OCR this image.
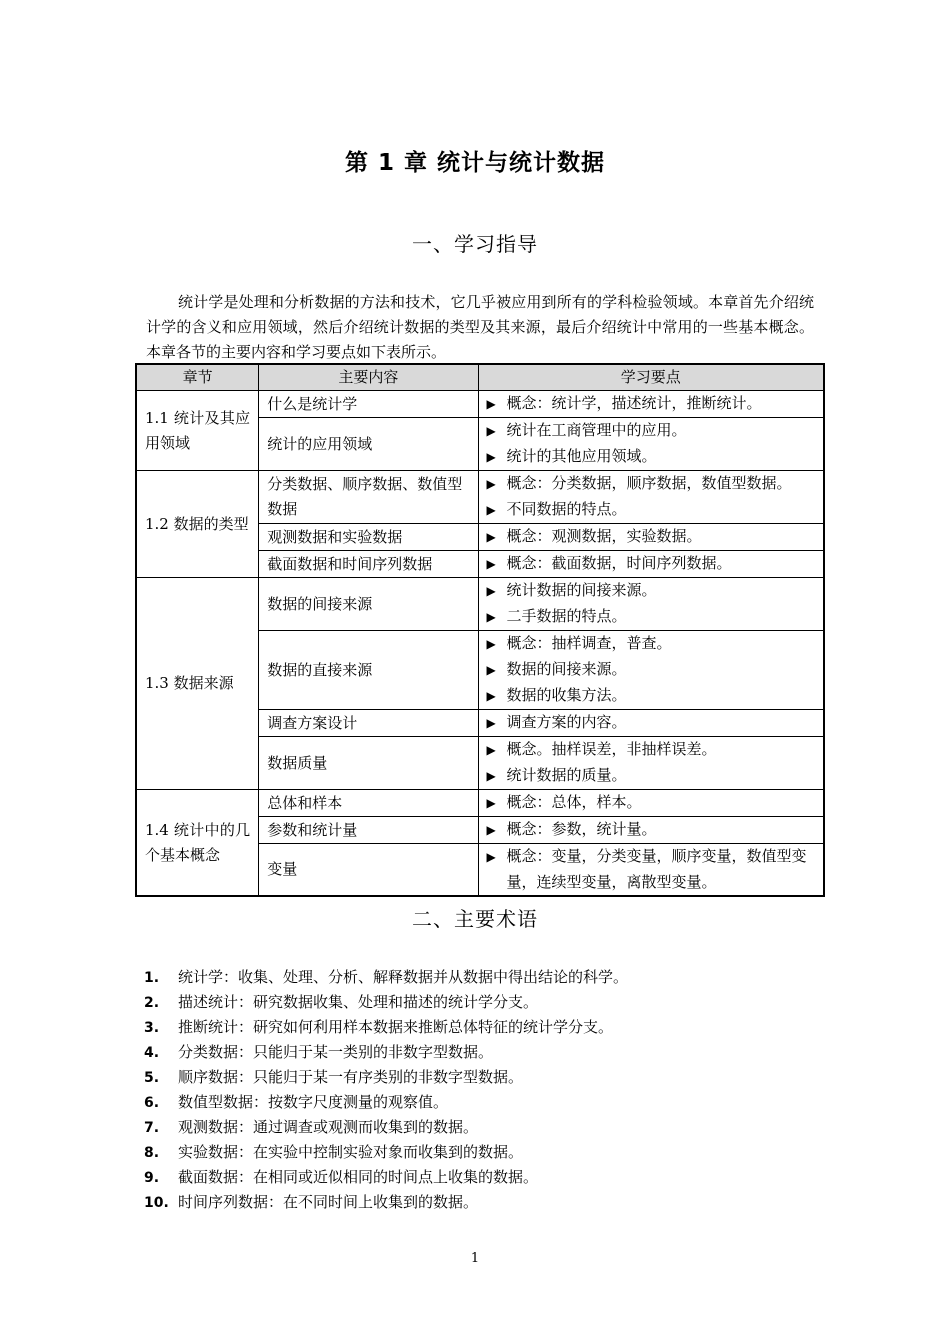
第 1 章 统计与统计数据
一、学习指导

统计学是处理和分析数据的方法和技术，它几乎被应用到所有的学科检验领域。本章首先介绍统计学的含义和应用领域，然后介绍统计数据的类型及其来源，最后介绍统计中常用的一些基本概念。本章各节的主要内容和学习要点如下表所示。

章节	主要内容	学习要点
1.1 统计及其应用领域	什么是统计学	▶ 概念：统计学，描述统计，推断统计。

	统计的应用领域	▶ 统计在工商管理中的应用。
▶ 统计的其他应用领域。

1.2 数据的类型	分类数据、顺序数据、数值型数据	▶ 概念：分类数据，顺序数据，数值型数据。
▶ 不同数据的特点。

	观测数据和实验数据	▶ 概念：观测数据，实验数据。

	截面数据和时间序列数据	▶ 概念：截面数据，时间序列数据。

1.3 数据来源	数据的间接来源	▶ 统计数据的间接来源。
▶ 二手数据的特点。

	数据的直接来源	▶ 概念：抽样调查，普查。
▶ 数据的间接来源。
▶ 数据的收集方法。

	调查方案设计	▶ 调查方案的内容。

	数据质量	▶ 概念。抽样误差，非抽样误差。
▶ 统计数据的质量。

1.4 统计中的几个基本概念	总体和样本	▶ 概念：总体，样本。

	参数和统计量	▶ 概念：参数，统计量。

	变量	▶ 概念：变量，分类变量，顺序变量，数值型变量，连续型变量，离散型变量。
二、主要术语
1. 统计学：收集、处理、分析、解释数据并从数据中得出结论的科学。
2. 描述统计：研究数据收集、处理和描述的统计学分支。
3. 推断统计：研究如何利用样本数据来推断总体特征的统计学分支。
4. 分类数据：只能归于某一类别的非数字型数据。
5. 顺序数据：只能归于某一有序类别的非数字型数据。
6. 数值型数据：按数字尺度测量的观察值。
7. 观测数据：通过调查或观测而收集到的数据。
8. 实验数据：在实验中控制实验对象而收集到的数据。
9. 截面数据：在相同或近似相同的时间点上收集的数据。
10. 时间序列数据：在不同时间上收集到的数据。
1
